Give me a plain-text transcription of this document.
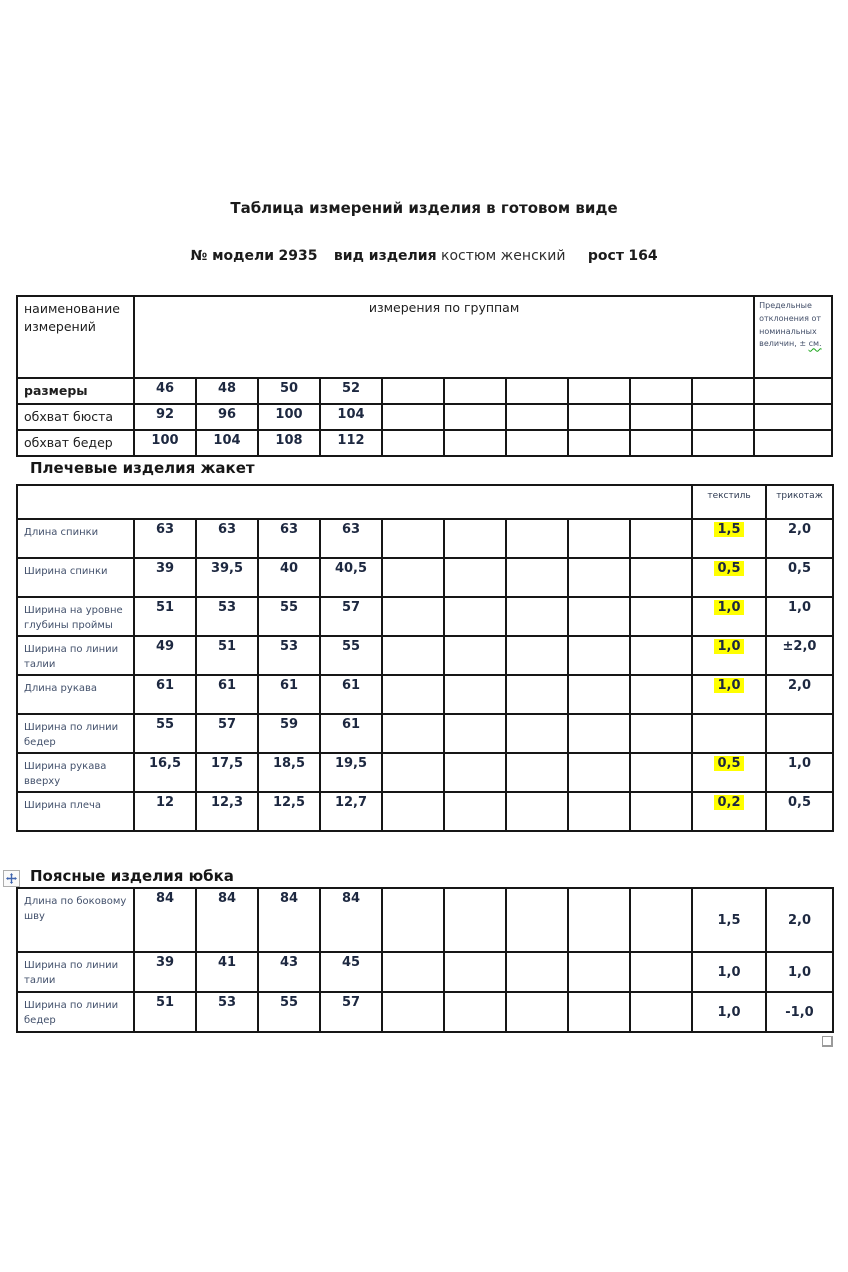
Таблица измерений изделия в готовом виде
№ модели 2935 вид изделия костюм женский рост 164
наименование измерений	измерения по группам										Предельные отклонения от номинальных величин, ± см.
размеры	46	48	50	52							
обхват бюста	92	96	100	104							
обхват бедер	100	104	108	112							
Плечевые изделия жакет
										текстиль	трикотаж
Длина спинки	63	63	63	63						1,5	2,0
Ширина спинки	39	39,5	40	40,5						0,5	0,5
Ширина на уровне глубины проймы	51	53	55	57						1,0	1,0
Ширина по линии талии	49	51	53	55						1,0	±2,0
Длина рукава	61	61	61	61						1,0	2,0
Ширина по линии бедер	55	57	59	61							
Ширина рукава вверху	16,5	17,5	18,5	19,5						0,5	1,0
Ширина плеча	12	12,3	12,5	12,7						0,2	0,5
Поясные изделия юбка
Длина по боковому шву	84	84	84	84						1,5	2,0
Ширина по линии талии	39	41	43	45						1,0	1,0
Ширина по линии бедер	51	53	55	57						1,0	-1,0
